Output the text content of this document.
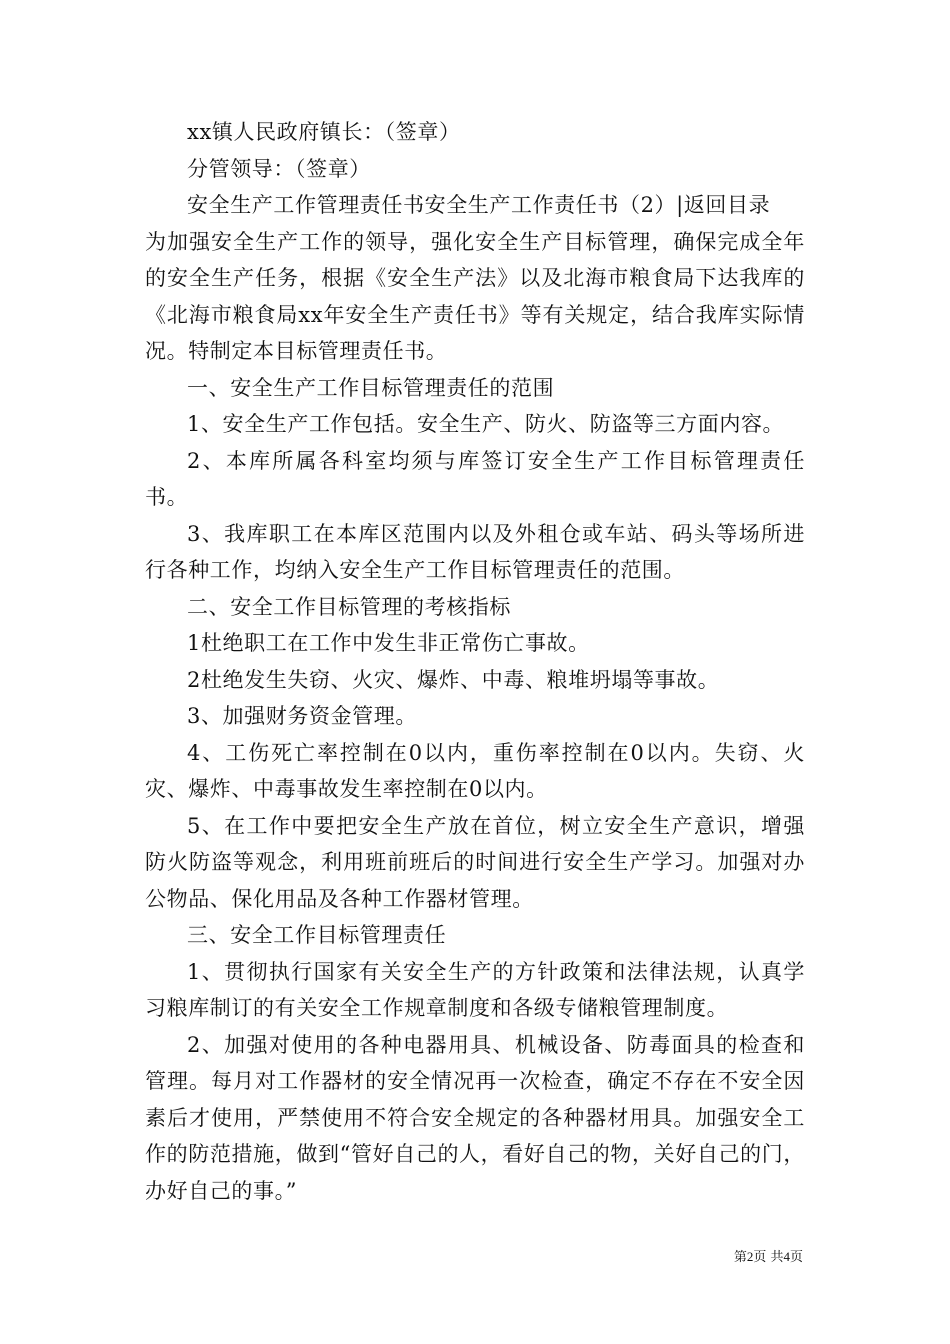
xx镇人民政府镇长：（签章）

分管领导：（签章）

安全生产工作管理责任书安全生产工作责任书（2）|返回目录

为加强安全生产工作的领导，强化安全生产目标管理，确保完成全年的安全生产任务，根据《安全生产法》以及北海市粮食局下达我库的《北海市粮食局xx年安全生产责任书》等有关规定，结合我库实际情况。特制定本目标管理责任书。

一、安全生产工作目标管理责任的范围

1、安全生产工作包括。安全生产、防火、防盗等三方面内容。

2、本库所属各科室均须与库签订安全生产工作目标管理责任书。

3、我库职工在本库区范围内以及外租仓或车站、码头等场所进行各种工作，均纳入安全生产工作目标管理责任的范围。

二、安全工作目标管理的考核指标

1杜绝职工在工作中发生非正常伤亡事故。

2杜绝发生失窃、火灾、爆炸、中毒、粮堆坍塌等事故。

3、加强财务资金管理。

4、工伤死亡率控制在0以内，重伤率控制在0以内。失窃、火灾、爆炸、中毒事故发生率控制在0以内。

5、在工作中要把安全生产放在首位，树立安全生产意识，增强防火防盗等观念，利用班前班后的时间进行安全生产学习。加强对办公物品、保化用品及各种工作器材管理。

三、安全工作目标管理责任

1、贯彻执行国家有关安全生产的方针政策和法律法规，认真学习粮库制订的有关安全工作规章制度和各级专储粮管理制度。

2、加强对使用的各种电器用具、机械设备、防毒面具的检查和管理。每月对工作器材的安全情况再一次检查，确定不存在不安全因素后才使用，严禁使用不符合安全规定的各种器材用具。加强安全工作的防范措施，做到“管好自己的人，看好自己的物，关好自己的门，办好自己的事。”

第2页 共4页
